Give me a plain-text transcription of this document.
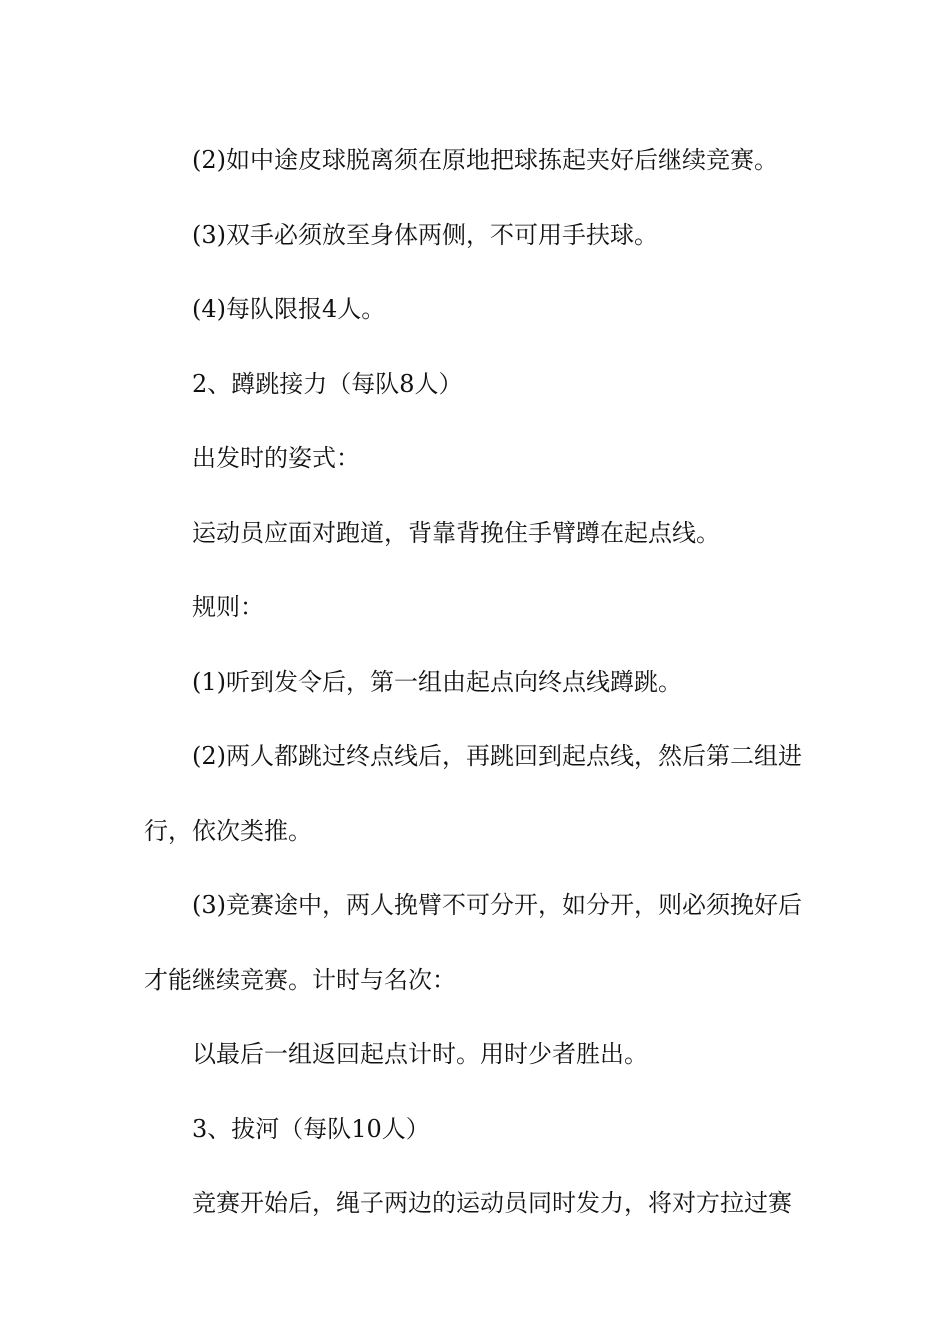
(2)如中途皮球脱离须在原地把球拣起夹好后继续竞赛。

(3)双手必须放至身体两侧，不可用手扶球。

(4)每队限报4人。

2、蹲跳接力（每队8人）

出发时的姿式：

运动员应面对跑道，背靠背挽住手臂蹲在起点线。

规则：

(1)听到发令后，第一组由起点向终点线蹲跳。

(2)两人都跳过终点线后，再跳回到起点线，然后第二组进行，依次类推。

(3)竞赛途中，两人挽臂不可分开，如分开，则必须挽好后才能继续竞赛。计时与名次：

以最后一组返回起点计时。用时少者胜出。

3、拔河（每队10人）

竞赛开始后，绳子两边的运动员同时发力，将对方拉过赛
